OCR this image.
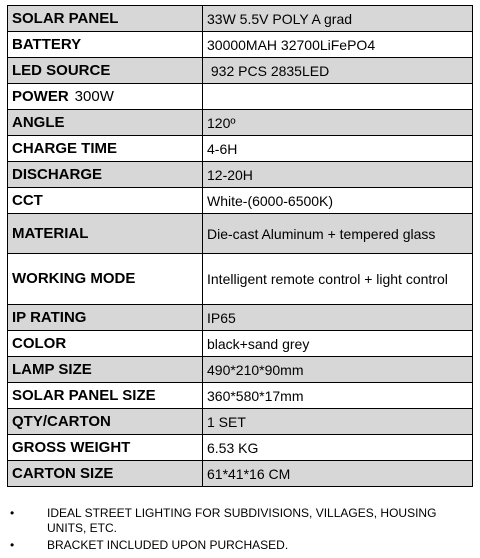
SOLAR PANEL	33W 5.5V POLY A grad
BATTERY	30000MAH 32700LiFePO4
LED SOURCE	932 PCS 2835LED
POWER 300W	
ANGLE	120º
CHARGE TIME	4-6H
DISCHARGE	12-20H
CCT	White-(6000-6500K)
MATERIAL	Die-cast Aluminum + tempered glass
WORKING MODE	Intelligent remote control + light control
IP RATING	IP65
COLOR	black+sand grey
LAMP SIZE	490*210*90mm
SOLAR PANEL SIZE	360*580*17mm
QTY/CARTON	1 SET
GROSS WEIGHT	6.53 KG
CARTON SIZE	61*41*16 CM
•	IDEAL STREET LIGHTING FOR SUBDIVISIONS, VILLAGES, HOUSING UNITS, ETC.
•	BRACKET INCLUDED UPON PURCHASED.
